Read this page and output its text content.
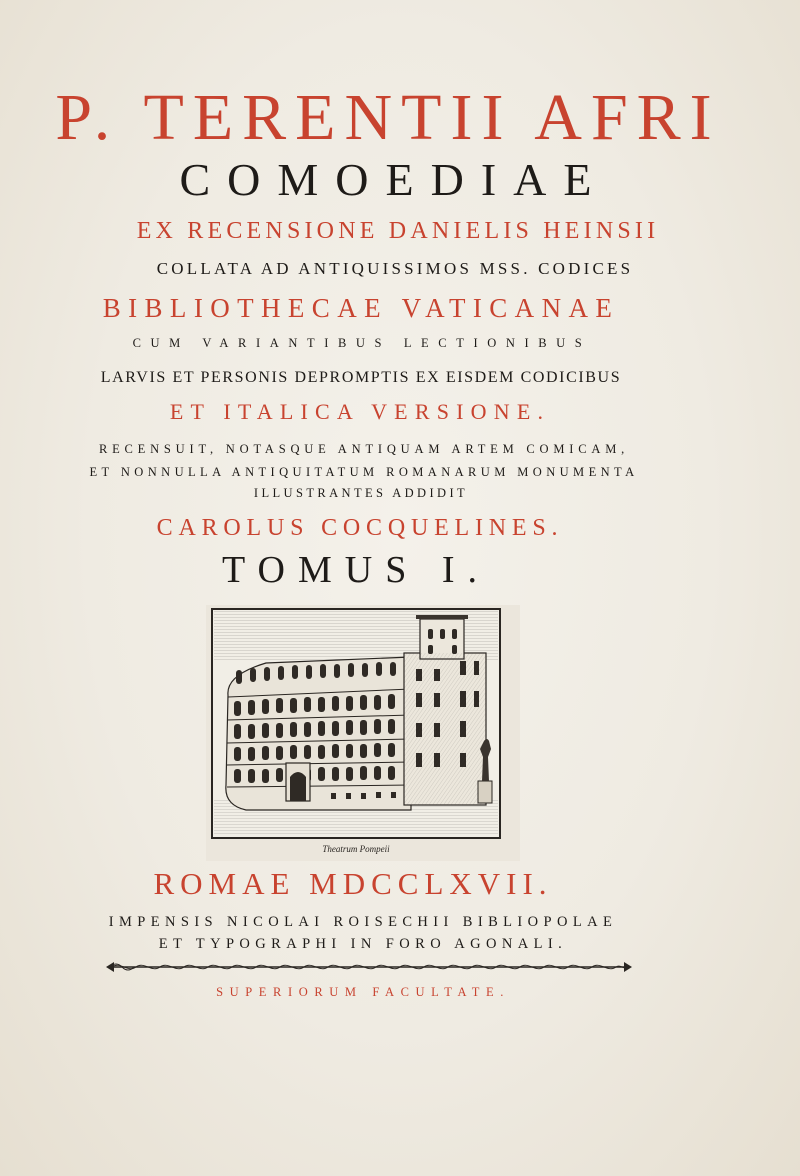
P. TERENTII AFRI
COMOEDIAE
EX RECENSIONE DANIELIS HEINSII
COLLATA AD ANTIQUISSIMOS MSS. CODICES
BIBLIOTHECAE VATICANAE
CUM VARIANTIBUS LECTIONIBUS
LARVIS ET PERSONIS DEPROMPTIS EX EISDEM CODICIBUS
ET ITALICA VERSIONE.
RECENSUIT, NOTASQUE ANTIQUAM ARTEM COMICAM,
ET NONNULLA ANTIQUITATUM ROMANARUM MONUMENTA
ILLUSTRANTES ADDIDIT
CAROLUS COCQUELINES.
TOMUS I.
Theatrum Pompeii
ROMAE MDCCLXVII.
IMPENSIS NICOLAI ROISECHII BIBLIOPOLAE
ET TYPOGRAPHI IN FORO AGONALI.
SUPERIORUM FACULTATE.
